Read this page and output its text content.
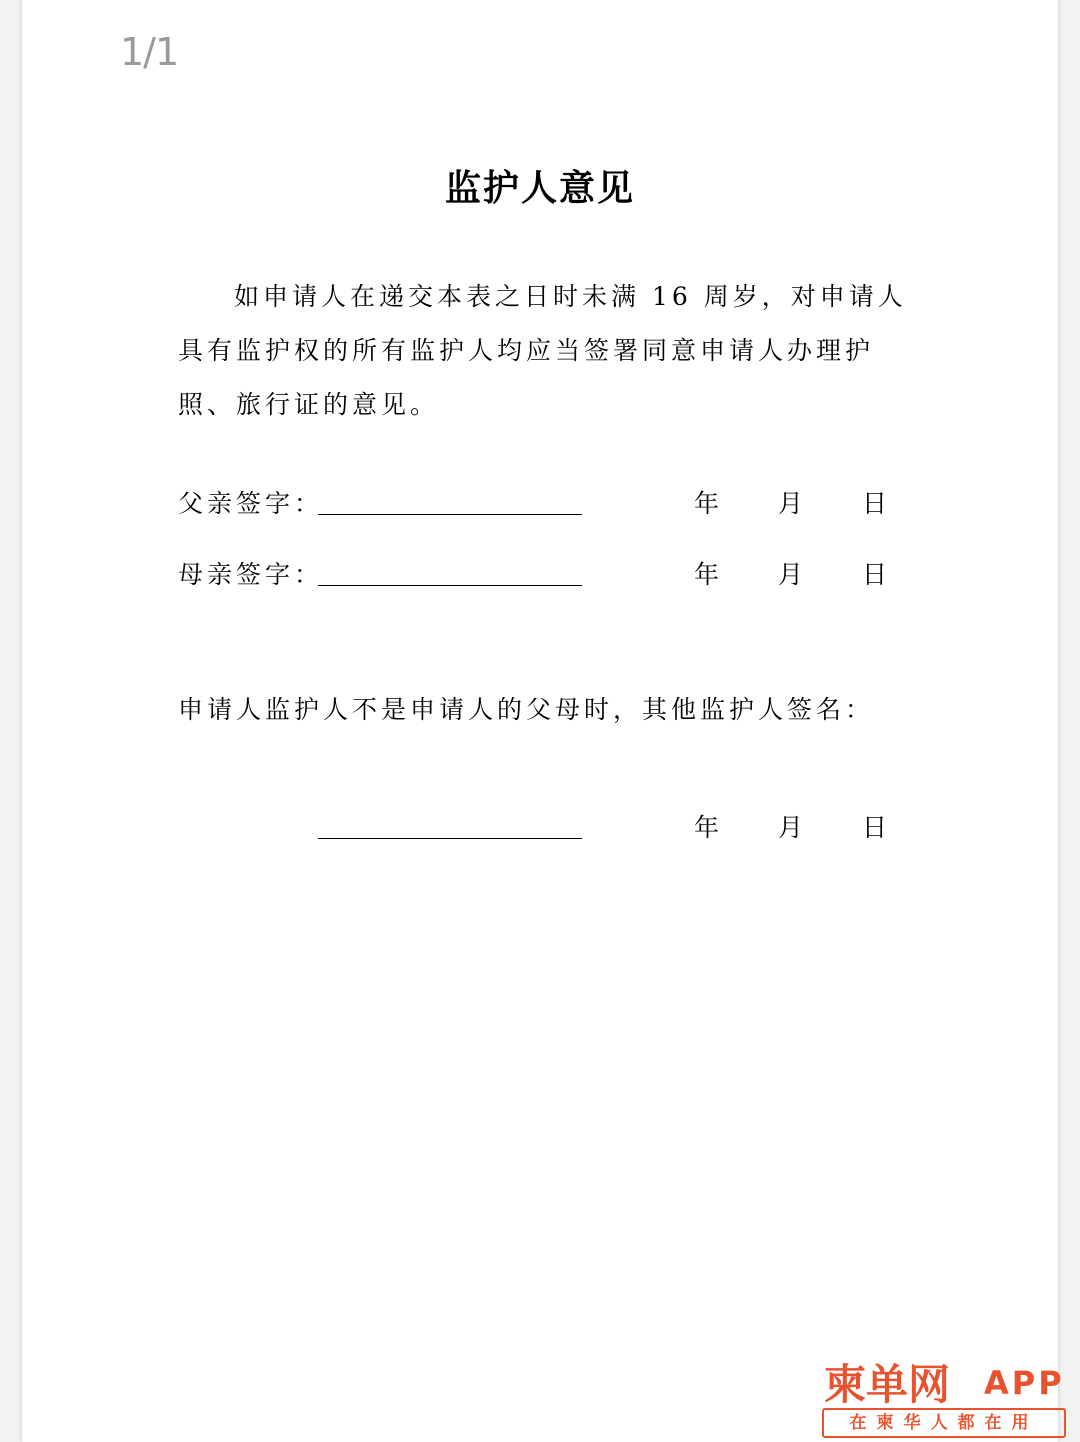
1/1
监护人意见

如申请人在递交本表之日时未满 16 周岁，对申请人具有监护权的所有监护人均应当签署同意申请人办理护照、旅行证的意见。

父亲签字：	年 月 日
母亲签字：	年 月 日
申请人监护人不是申请人的父母时，其他监护人签名：
年 月 日
柬单网 APP
在柬华人都在用
